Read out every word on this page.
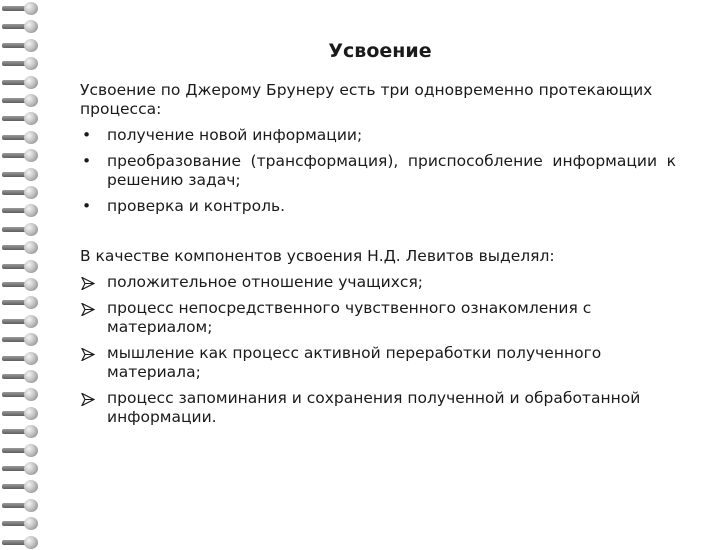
Усвоение

Усвоение по Джерому Брунеру есть три одновременно протекающих процесса:

• получение новой информации;
• преобразование (трансформация), приспособление информации к решению задач;
• проверка и контроль.

В качестве компонентов усвоения Н.Д. Левитов выделял:

положительное отношение учащихся;
процесс непосредственного чувственного ознакомления с материалом;
мышление как процесс активной переработки полученного материала;
процесс запоминания и сохранения полученной и обработанной информации.
